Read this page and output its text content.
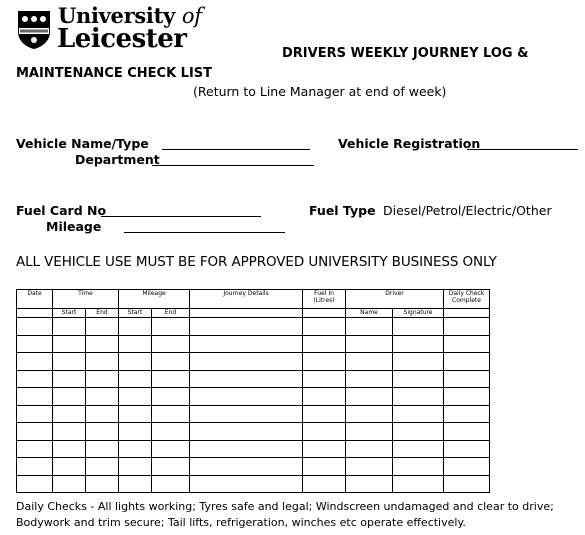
University of
Leicester	DRIVERS WEEKLY JOURNEY LOG &
MAINTENANCE CHECK LIST
(Return to Line Manager at end of week)
Vehicle Name/Type	Vehicle Registration
Department
Fuel Card No	Fuel Type Diesel/Petrol/Electric/Other
Mileage
ALL VEHICLE USE MUST BE FOR APPROVED UNIVERSITY BUSINESS ONLY
Date	Time		Mileage		Journey Details	Fuel In (Litres)	Driver		Daily Check Complete
	Start	End	Start	End			Name	Signature	

Daily Checks - All lights working; Tyres safe and legal; Windscreen undamaged and clear to drive;
Bodywork and trim secure; Tail lifts, refrigeration, winches etc operate effectively.
